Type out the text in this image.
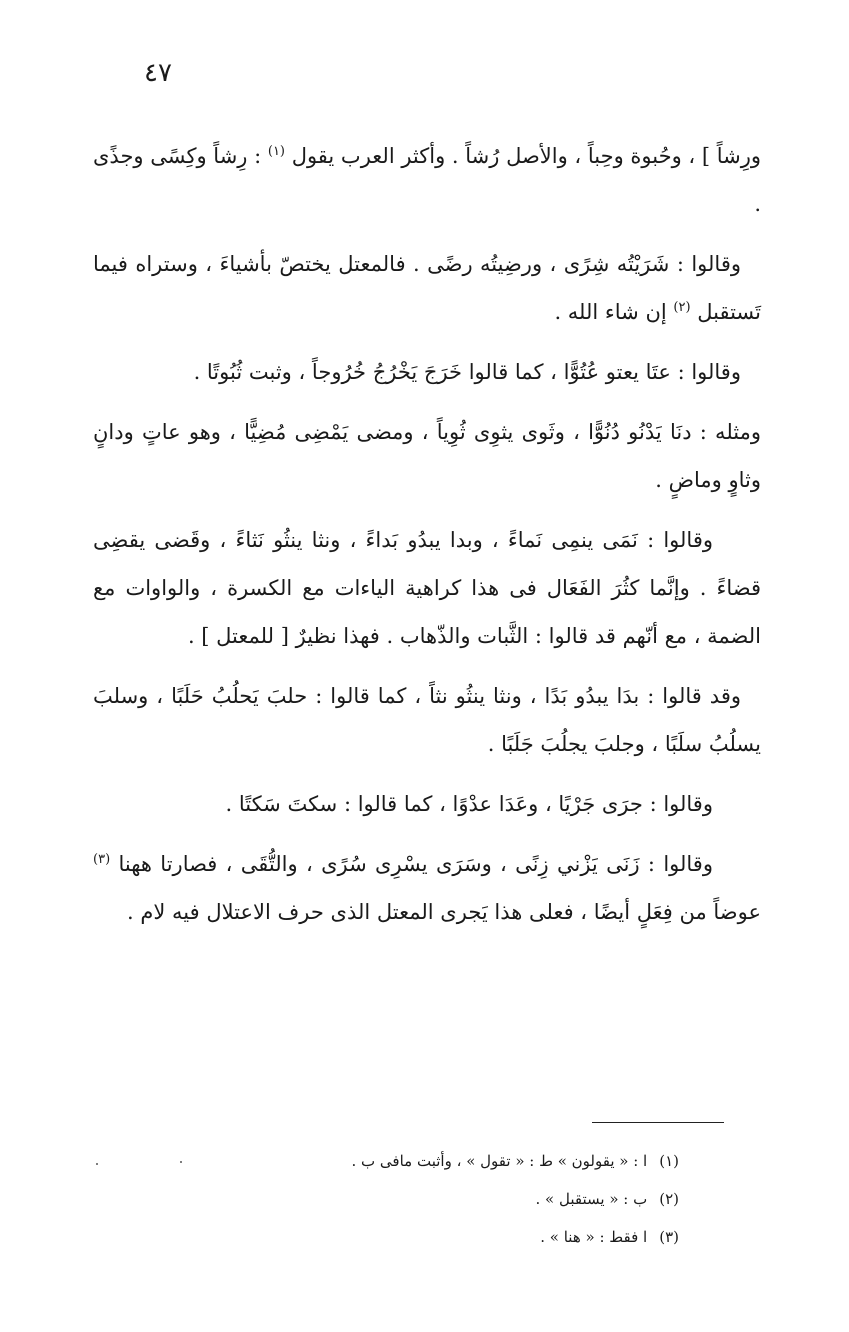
٤٧

ورِشاً ] ، وحُبوة وحِباً ، والأصل رُشاً . وأكثر العرب يقول $^{(١)}$ : رِشاً وكِسًى وجذًى .

وقالوا : شَرَيْتُه شِرًى ، ورضِيتُه رضًى . فالمعتل يختصّ بأشياءَ ، وستراه فيما تَستقبل $^{(٢)}$ إن شاء الله .

وقالوا : عتَا يعتو عُتُوًّا ، كما قالوا خَرَجَ يَخْرُجُ خُرُوجاً ، وثبت ثُبُوتًا .

ومثله : دنَا يَدْنُو دُنُوًّا ، وثَوى يثوِى ثُوِياً ، ومضى يَمْضِى مُضِيًّا ، وهو عاتٍ ودانٍ وثاوٍ وماضٍ .

وقالوا : نَمَى ينمِى نَماءً ، وبدا يبدُو بَداءً ، ونثا ينثُو نَثاءً ، وقَضى يقضِى قضاءً . وإنَّما كثُرَ الفَعَال فى هذا كراهية الياءات مع الكسرة ، والواوات مع الضمة ، مع أنّهم قد قالوا : الثَّبات والذّهاب . فهذا نظيرٌ [ للمعتل ] .

وقد قالوا : بدَا يبدُو بَدًا ، ونثا ينثُو نثاً ، كما قالوا : حلبَ يَحلُبُ حَلَبًا ، وسلبَ يسلُبُ سلَبًا ، وجلبَ يجلُبَ جَلَبًا .

وقالوا : جرَى جَرْيًا ، وعَدَا عدْوًا ، كما قالوا : سكتَ سَكتًا .

وقالوا : زَنَى يَزْني زِنًى ، وسَرَى يسْرِى سُرًى ، والتُّقَى ، فصارتا ههنا $^{(٣)}$ عوضاً من فِعَلٍ أيضًا ، فعلى هذا يَجرى المعتل الذى حرف الاعتلال فيه لام .

(١)ا : « يقولون » ط : « تقول » ، وأثبت مافى ب .
(٢)ب : « يستقبل » .
(٣)ا فقط : « هنا » .
